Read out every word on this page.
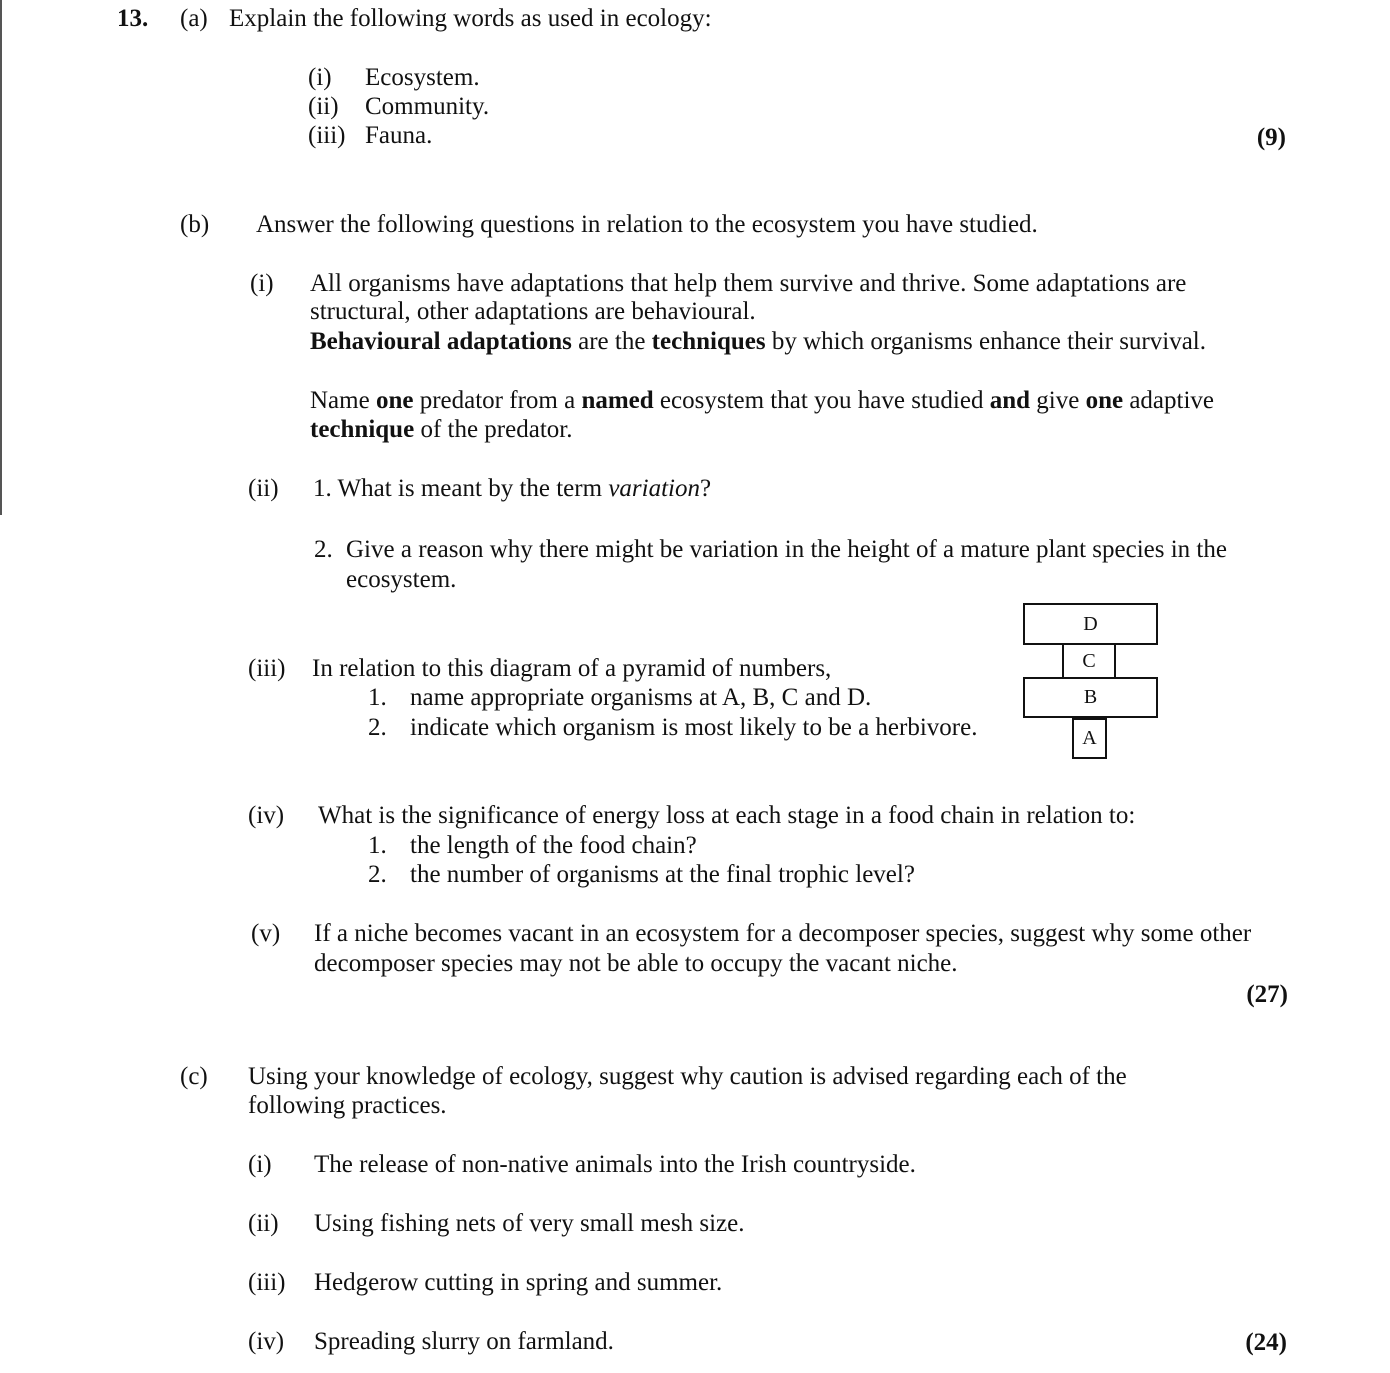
13. (a) Explain the following words as used in ecology:
(i) Ecosystem.
(ii) Community.
(iii) Fauna.	(9)
(b) Answer the following questions in relation to the ecosystem you have studied.
(i) All organisms have adaptations that help them survive and thrive. Some adaptations are
structural, other adaptations are behavioural.
Behavioural adaptations are the techniques by which organisms enhance their survival.
Name one predator from a named ecosystem that you have studied and give one adaptive
technique of the predator.
(ii) 1. What is meant by the term variation?
2. Give a reason why there might be variation in the height of a mature plant species in the
ecosystem.
(iii) In relation to this diagram of a pyramid of numbers,
1. name appropriate organisms at A, B, C and D.
2. indicate which organism is most likely to be a herbivore.
D
C
B
A
(iv) What is the significance of energy loss at each stage in a food chain in relation to:
1. the length of the food chain?
2. the number of organisms at the final trophic level?
(v) If a niche becomes vacant in an ecosystem for a decomposer species, suggest why some other
decomposer species may not be able to occupy the vacant niche.
(27)
(c) Using your knowledge of ecology, suggest why caution is advised regarding each of the
following practices.
(i) The release of non-native animals into the Irish countryside.
(ii) Using fishing nets of very small mesh size.
(iii) Hedgerow cutting in spring and summer.
(iv) Spreading slurry on farmland.	(24)
